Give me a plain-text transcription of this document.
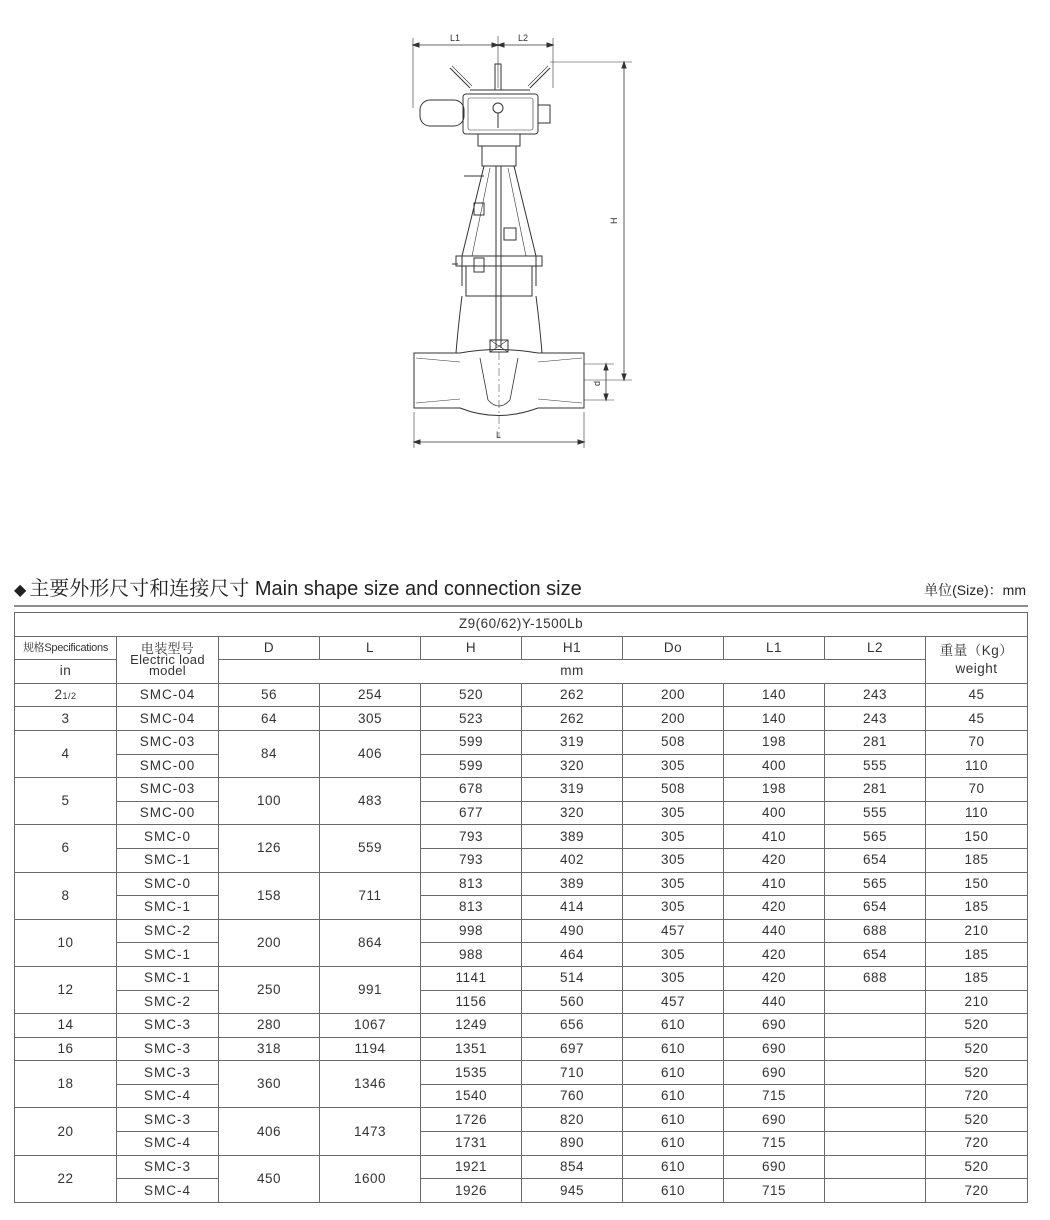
L1	L2
d
H
L
◆ 主要外形尺寸和连接尺寸 Main shape size and connection size	单位(Size)：mm
Z9(60/62)Y-1500Lb									
规格Specifications	电装型号
Electric load model	D	L	H	H1	Do	L1	L2	重量（Kg）
weight
in		mm							
21/2	SMC-04	56	254	520	262	200	140	243	45
3	SMC-04	64	305	523	262	200	140	243	45
4	SMC-03	84	406	599	319	508	198	281	70
	SMC-00			599	320	305	400	555	110
5	SMC-03	100	483	678	319	508	198	281	70
	SMC-00			677	320	305	400	555	110
6	SMC-0	126	559	793	389	305	410	565	150
	SMC-1			793	402	305	420	654	185
8	SMC-0	158	711	813	389	305	410	565	150
	SMC-1			813	414	305	420	654	185
10	SMC-2	200	864	998	490	457	440	688	210
	SMC-1			988	464	305	420	654	185
12	SMC-1	250	991	1141	514	305	420	688	185
	SMC-2			1156	560	457	440		210
14	SMC-3	280	1067	1249	656	610	690		520
16	SMC-3	318	1194	1351	697	610	690		520
18	SMC-3	360	1346	1535	710	610	690		520
	SMC-4			1540	760	610	715		720
20	SMC-3	406	1473	1726	820	610	690		520
	SMC-4			1731	890	610	715		720
22	SMC-3	450	1600	1921	854	610	690		520
	SMC-4			1926	945	610	715		720
